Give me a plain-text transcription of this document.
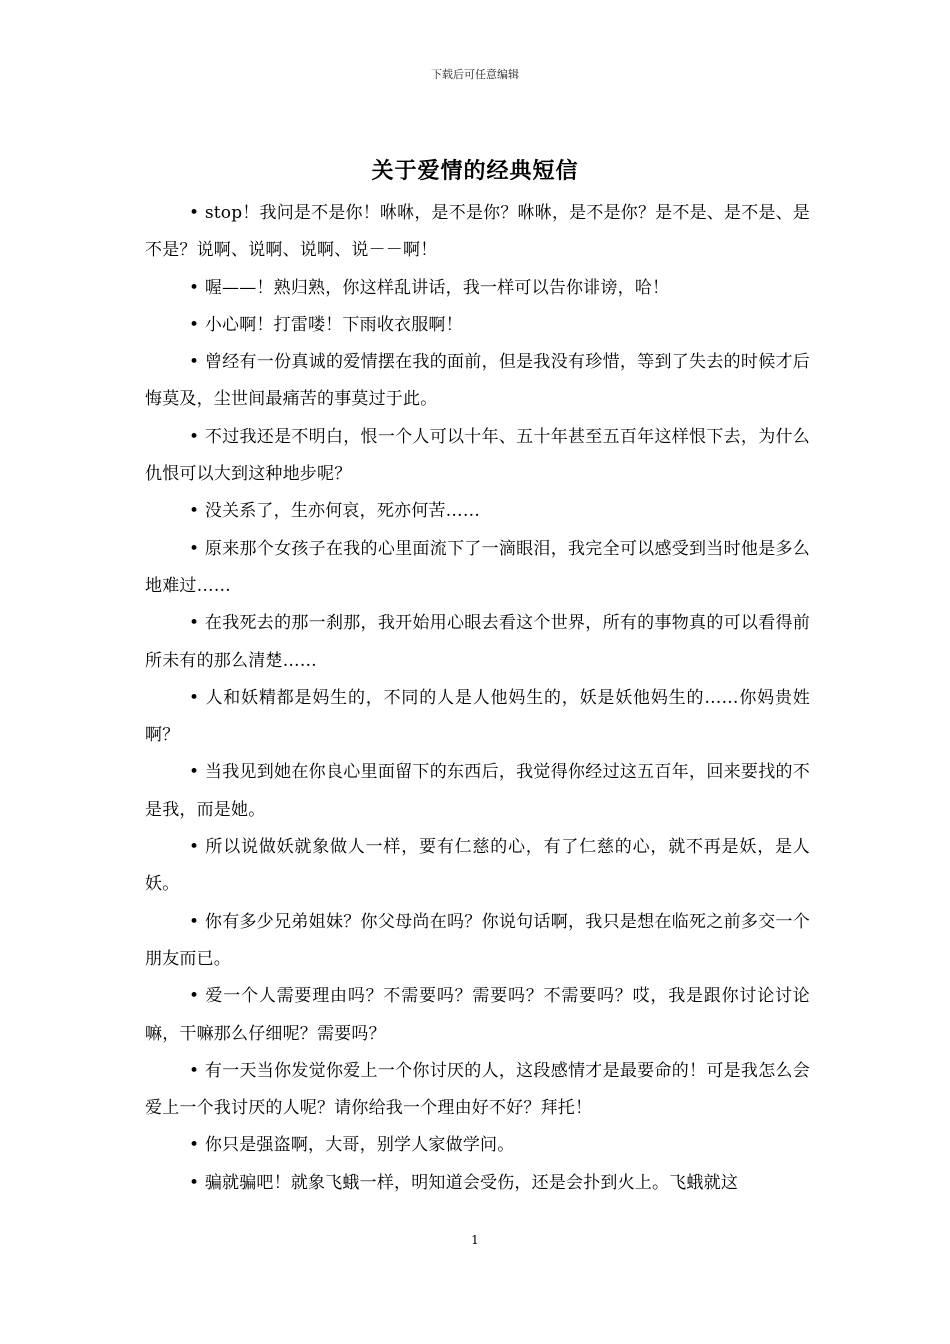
下载后可任意编辑
关于爱情的经典短信

• stop！我问是不是你！咻咻，是不是你？咻咻，是不是你？是不是、是不是、是不是？说啊、说啊、说啊、说－－啊！

• 喔——！熟归熟，你这样乱讲话，我一样可以告你诽谤，哈！

• 小心啊！打雷喽！下雨收衣服啊！

• 曾经有一份真诚的爱情摆在我的面前，但是我没有珍惜，等到了失去的时候才后悔莫及，尘世间最痛苦的事莫过于此。

• 不过我还是不明白，恨一个人可以十年、五十年甚至五百年这样恨下去，为什么仇恨可以大到这种地步呢？

• 没关系了，生亦何哀，死亦何苦……

• 原来那个女孩子在我的心里面流下了一滴眼泪，我完全可以感受到当时他是多么地难过……

• 在我死去的那一刹那，我开始用心眼去看这个世界，所有的事物真的可以看得前所未有的那么清楚……

• 人和妖精都是妈生的，不同的人是人他妈生的，妖是妖他妈生的……你妈贵姓啊？

• 当我见到她在你良心里面留下的东西后，我觉得你经过这五百年，回来要找的不是我，而是她。

• 所以说做妖就象做人一样，要有仁慈的心，有了仁慈的心，就不再是妖，是人妖。

• 你有多少兄弟姐妹？你父母尚在吗？你说句话啊，我只是想在临死之前多交一个朋友而已。

• 爱一个人需要理由吗？不需要吗？需要吗？不需要吗？哎，我是跟你讨论讨论嘛，干嘛那么仔细呢？需要吗？

• 有一天当你发觉你爱上一个你讨厌的人，这段感情才是最要命的！可是我怎么会爱上一个我讨厌的人呢？请你给我一个理由好不好？拜托！

• 你只是强盗啊，大哥，别学人家做学问。

• 骗就骗吧！就象飞蛾一样，明知道会受伤，还是会扑到火上。飞蛾就这

1
